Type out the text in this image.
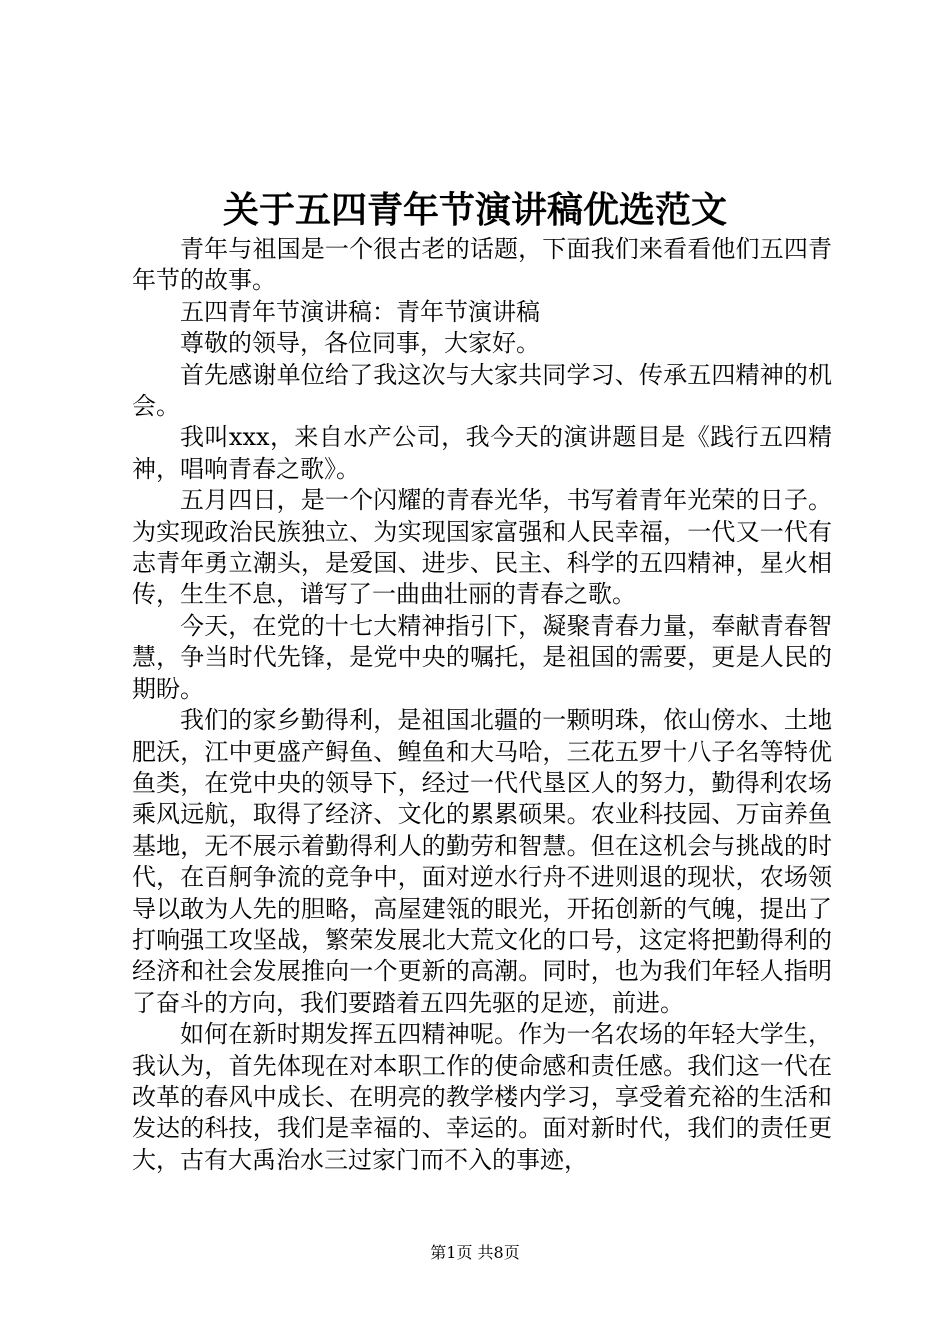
关于五四青年节演讲稿优选范文

青年与祖国是一个很古老的话题，下面我们来看看他们五四青年节的故事。

五四青年节演讲稿：青年节演讲稿

尊敬的领导，各位同事，大家好。

首先感谢单位给了我这次与大家共同学习、传承五四精神的机会。

我叫xxx，来自水产公司，我今天的演讲题目是《践行五四精神，唱响青春之歌》。

五月四日，是一个闪耀的青春光华，书写着青年光荣的日子。为实现政治民族独立、为实现国家富强和人民幸福，一代又一代有志青年勇立潮头，是爱国、进步、民主、科学的五四精神，星火相传，生生不息，谱写了一曲曲壮丽的青春之歌。

今天，在党的十七大精神指引下，凝聚青春力量，奉献青春智慧，争当时代先锋，是党中央的嘱托，是祖国的需要，更是人民的期盼。

我们的家乡勤得利，是祖国北疆的一颗明珠，依山傍水、土地肥沃，江中更盛产鲟鱼、鳇鱼和大马哈，三花五罗十八子名等特优鱼类，在党中央的领导下，经过一代代垦区人的努力，勤得利农场乘风远航，取得了经济、文化的累累硕果。农业科技园、万亩养鱼基地，无不展示着勤得利人的勤劳和智慧。但在这机会与挑战的时代，在百舸争流的竞争中，面对逆水行舟不进则退的现状，农场领导以敢为人先的胆略，高屋建瓴的眼光，开拓创新的气魄，提出了打响强工攻坚战，繁荣发展北大荒文化的口号，这定将把勤得利的经济和社会发展推向一个更新的高潮。同时，也为我们年轻人指明了奋斗的方向，我们要踏着五四先驱的足迹，前进。

如何在新时期发挥五四精神呢。作为一名农场的年轻大学生，我认为，首先体现在对本职工作的使命感和责任感。我们这一代在改革的春风中成长、在明亮的教学楼内学习，享受着充裕的生活和发达的科技，我们是幸福的、幸运的。面对新时代，我们的责任更大，古有大禹治水三过家门而不入的事迹，

第1页 共8页
